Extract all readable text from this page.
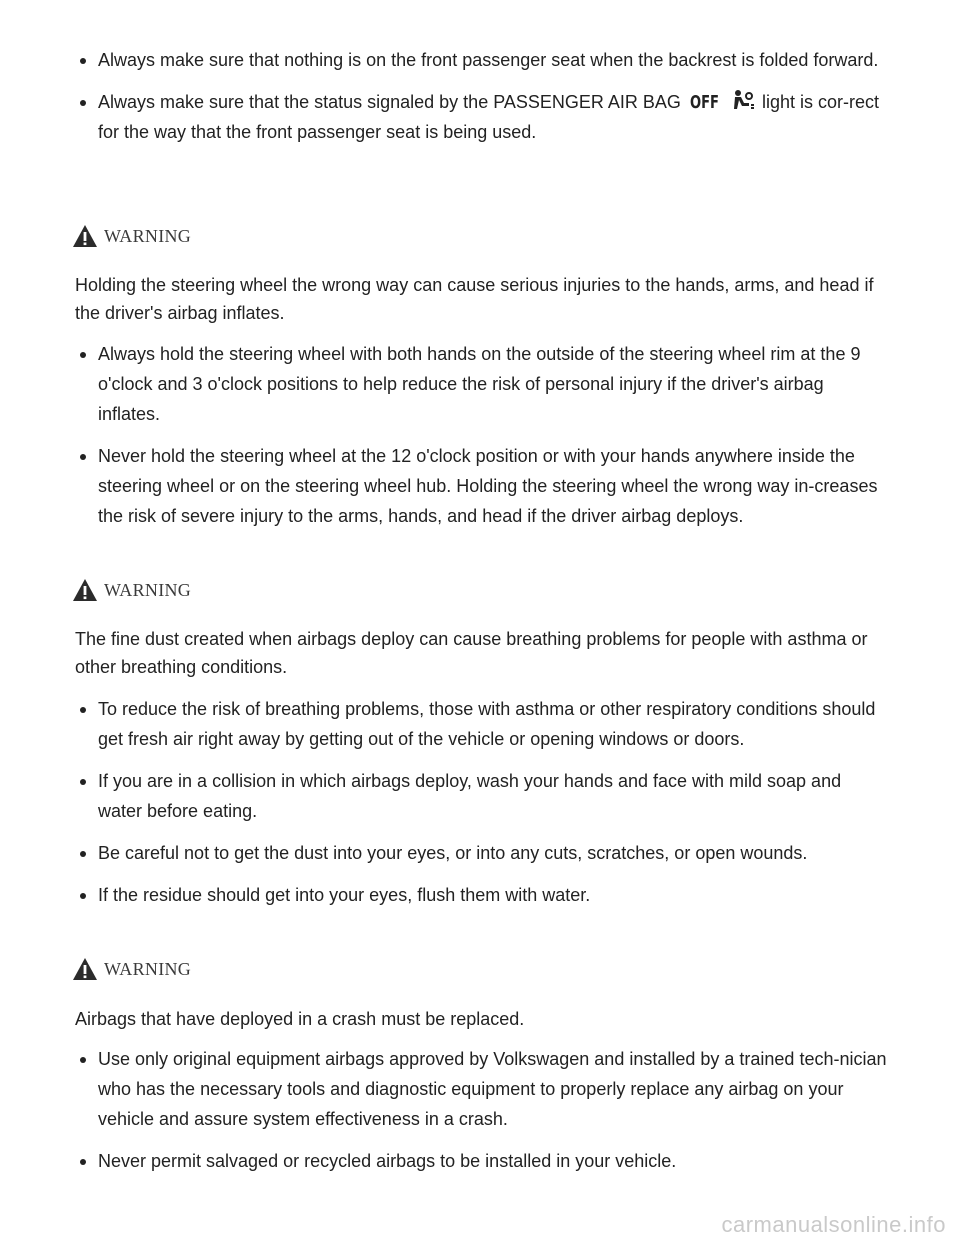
Always make sure that nothing is on the front passenger seat when the backrest is folded forward.
Always make sure that the status signaled by the PASSENGER AIR BAG OFF light is cor-rect for the way that the front passenger seat is being used.
WARNING

Holding the steering wheel the wrong way can cause serious injuries to the hands, arms, and head if the driver's airbag inflates.

Always hold the steering wheel with both hands on the outside of the steering wheel rim at the 9 o'clock and 3 o'clock positions to help reduce the risk of personal injury if the driver's airbag inflates.
Never hold the steering wheel at the 12 o'clock position or with your hands anywhere inside the steering wheel or on the steering wheel hub. Holding the steering wheel the wrong way in-creases the risk of severe injury to the arms, hands, and head if the driver airbag deploys.
WARNING

The fine dust created when airbags deploy can cause breathing problems for people with asthma or other breathing conditions.

To reduce the risk of breathing problems, those with asthma or other respiratory conditions should get fresh air right away by getting out of the vehicle or opening windows or doors.
If you are in a collision in which airbags deploy, wash your hands and face with mild soap and water before eating.
Be careful not to get the dust into your eyes, or into any cuts, scratches, or open wounds.
If the residue should get into your eyes, flush them with water.
WARNING

Airbags that have deployed in a crash must be replaced.

Use only original equipment airbags approved by Volkswagen and installed by a trained tech-nician who has the necessary tools and diagnostic equipment to properly replace any airbag on your vehicle and assure system effectiveness in a crash.
Never permit salvaged or recycled airbags to be installed in your vehicle.
carmanualsonline.info
